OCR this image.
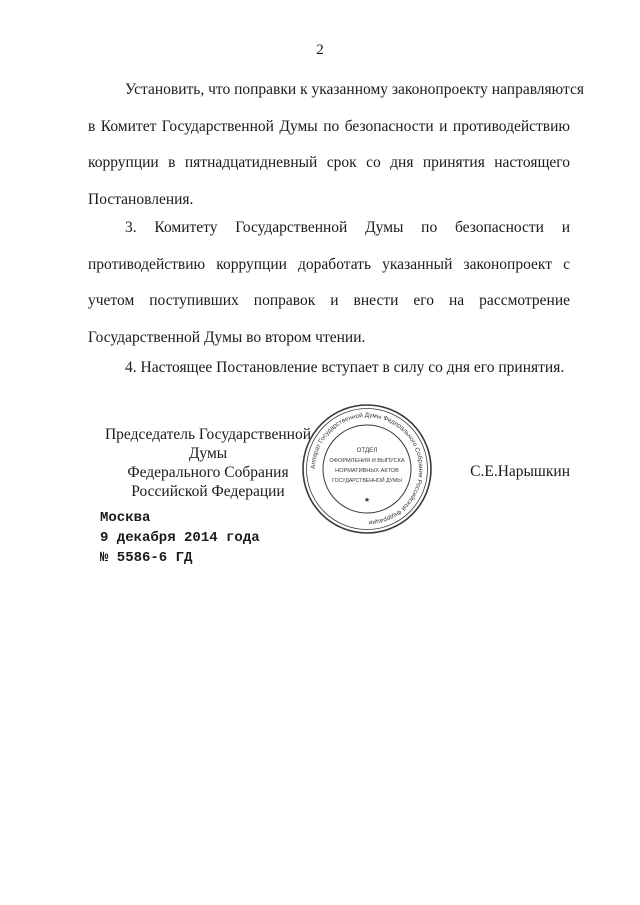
2
Установить, что поправки к указанному законопроекту направляются
в Комитет Государственной Думы по безопасности и противодействию
коррупции в пятнадцатидневный срок со дня принятия настоящего
Постановления.
3. Комитету Государственной Думы по безопасности и
противодействию коррупции доработать указанный законопроект с
учетом поступивших поправок и внести его на рассмотрение
Государственной Думы во втором чтении.
4. Настоящее Постановление вступает в силу со дня его принятия.
Председатель Государственной Думы
Федерального Собрания
Российской Федерации
С.Е.Нарышкин
Аппарат Государственной Думы Федерального Собрания Российской Федерации
ОТДЕЛ
ОФОРМЛЕНИЯ И ВЫПУСКА
НОРМАТИВНЫХ АКТОВ
ГОСУДАРСТВЕННОЙ ДУМЫ
★
Москва
9 декабря 2014 года
№ 5586-6 ГД
